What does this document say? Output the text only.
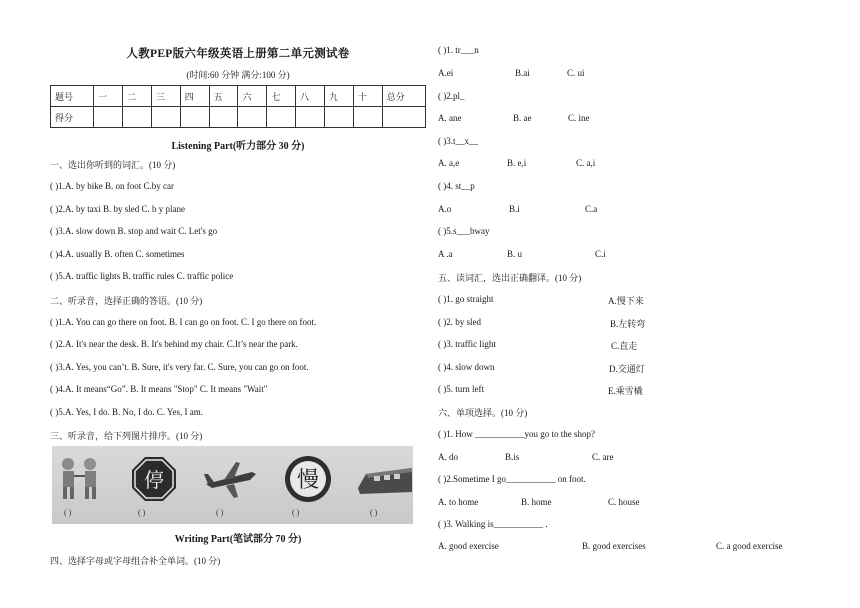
人教PEP版六年级英语上册第二单元测试卷
(时间:60 分钟 满分:100 分)
题号	一	二	三	四	五	六	七	八	九	十	总分
得分											
Listening Part(听力部分 30 分)
一、选出你听到的词汇。(10 分)
( )1.A. by bike B. on foot C.by car
( )2.A. by taxi B. by sled C. b y plane
( )3.A. slow down B. stop and wait C. Let's go
( )4.A. usually B. often C. sometimes
( )5.A. traffic lights B. traffic rules C. traffic police
二、听录音，选择正确的答语。(10 分)
( )1.A. You can go there on foot. B. I can go on foot. C. I go there on foot.
( )2.A. It's near the desk. B. It's behind my chair. C.It’s near the park.
( )3.A. Yes, you can’t. B. Sure, it's very far. C. Sure, you can go on foot.
( )4.A. It means“Go”. B. It means "Stop" C. It means "Wait"
( )5.A. Yes, I do. B. No, I do. C. Yes, I am.
三、听录音，给下列图片排序。(10 分)
( )
停
( )	( )
慢
( )	( )
Writing Part(笔试部分 70 分)
四、选择字母或字母组合补全单词。(10 分)
( )1. tr___n
A.ei	B.ai	C. ui
( )2.pl_
A. ane	B. ae	C. ine
( )3.t__x__
A. a,e	B. e,i	C. a,i
( )4. st__p
A.o	B.i	C.a
( )5.s___bway
A .a	B. u	C.i
五、读词汇，选出正确翻译。(10 分)
( )1. go straight	A.慢下来
( )2. by sled	B.左转弯
( )3. traffic light	C.直走
( )4. slow down	D.交通灯
( )5. turn left	E.乘雪橇
六、单项选择。(10 分)
( )1. How ___________you go to the shop?
A. do	B.is	C. are
( )2.Sometime I go___________ on foot.
A. to home	B. home	C. house
( )3. Walking is___________ .
A. good exercise	B. good exercises	C. a good exercise
